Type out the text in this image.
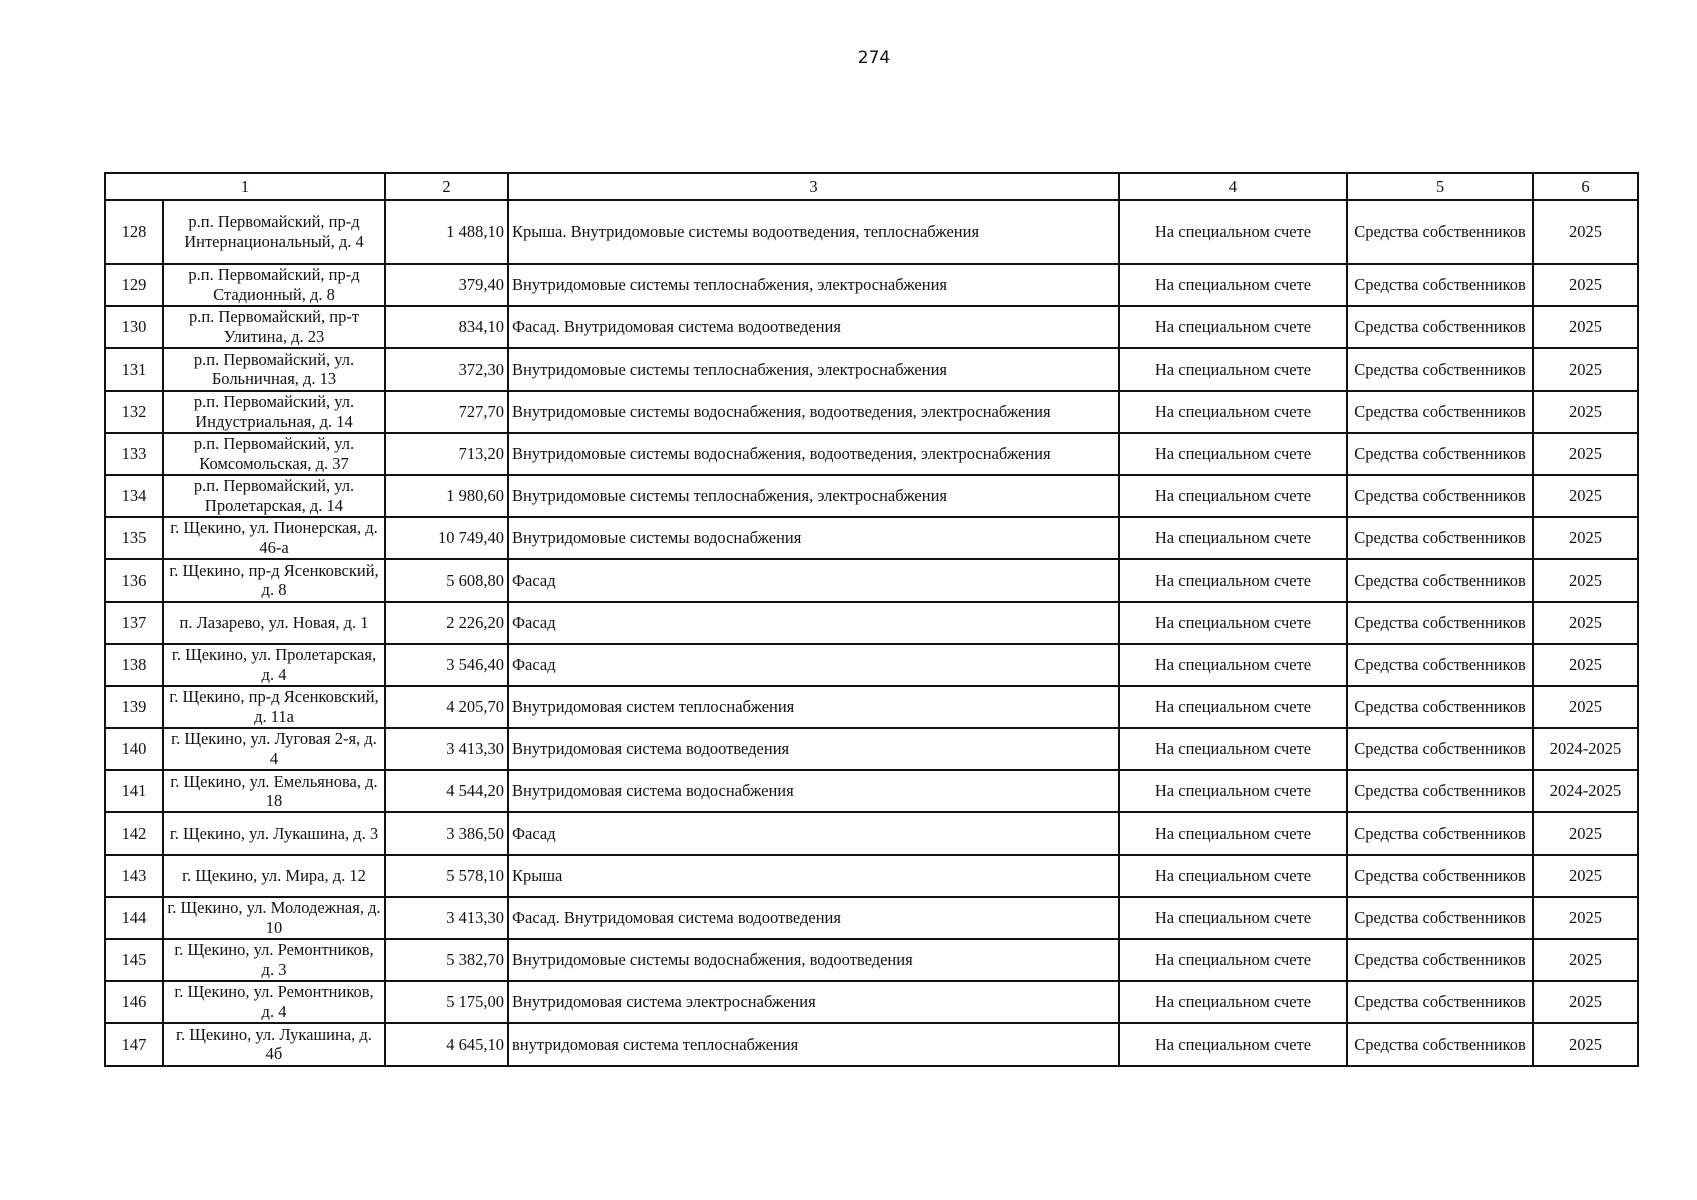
274
1		2	3	4	5	6
128	р.п. Первомайский, пр-д Интернациональный, д. 4	1 488,10	Крыша. Внутридомовые системы водоотведения, теплоснабжения	На специальном счете	Средства собственников	2025
129	р.п. Первомайский, пр-д Стадионный, д. 8	379,40	Внутридомовые системы теплоснабжения, электроснабжения	На специальном счете	Средства собственников	2025
130	р.п. Первомайский, пр-т Улитина, д. 23	834,10	Фасад. Внутридомовая система водоотведения	На специальном счете	Средства собственников	2025
131	р.п. Первомайский, ул. Больничная, д. 13	372,30	Внутридомовые системы теплоснабжения, электроснабжения	На специальном счете	Средства собственников	2025
132	р.п. Первомайский, ул. Индустриальная, д. 14	727,70	Внутридомовые системы водоснабжения, водоотведения, электроснабжения	На специальном счете	Средства собственников	2025
133	р.п. Первомайский, ул. Комсомольская, д. 37	713,20	Внутридомовые системы водоснабжения, водоотведения, электроснабжения	На специальном счете	Средства собственников	2025
134	р.п. Первомайский, ул. Пролетарская, д. 14	1 980,60	Внутридомовые системы теплоснабжения, электроснабжения	На специальном счете	Средства собственников	2025
135	г. Щекино, ул. Пионерская, д. 46-а	10 749,40	Внутридомовые системы водоснабжения	На специальном счете	Средства собственников	2025
136	г. Щекино, пр-д Ясенковский, д. 8	5 608,80	Фасад	На специальном счете	Средства собственников	2025
137	п. Лазарево, ул. Новая, д. 1	2 226,20	Фасад	На специальном счете	Средства собственников	2025
138	г. Щекино, ул. Пролетарская, д. 4	3 546,40	Фасад	На специальном счете	Средства собственников	2025
139	г. Щекино, пр-д Ясенковский, д. 11а	4 205,70	Внутридомовая систем теплоснабжения	На специальном счете	Средства собственников	2025
140	г. Щекино, ул. Луговая 2-я, д. 4	3 413,30	Внутридомовая система водоотведения	На специальном счете	Средства собственников	2024-2025
141	г. Щекино, ул. Емельянова, д. 18	4 544,20	Внутридомовая система водоснабжения	На специальном счете	Средства собственников	2024-2025
142	г. Щекино, ул. Лукашина, д. 3	3 386,50	Фасад	На специальном счете	Средства собственников	2025
143	г. Щекино, ул. Мира, д. 12	5 578,10	Крыша	На специальном счете	Средства собственников	2025
144	г. Щекино, ул. Молодежная, д. 10	3 413,30	Фасад. Внутридомовая система водоотведения	На специальном счете	Средства собственников	2025
145	г. Щекино, ул. Ремонтников, д. 3	5 382,70	Внутридомовые системы водоснабжения, водоотведения	На специальном счете	Средства собственников	2025
146	г. Щекино, ул. Ремонтников, д. 4	5 175,00	Внутридомовая система электроснабжения	На специальном счете	Средства собственников	2025
147	г. Щекино, ул. Лукашина, д. 4б	4 645,10	внутридомовая система теплоснабжения	На специальном счете	Средства собственников	2025
